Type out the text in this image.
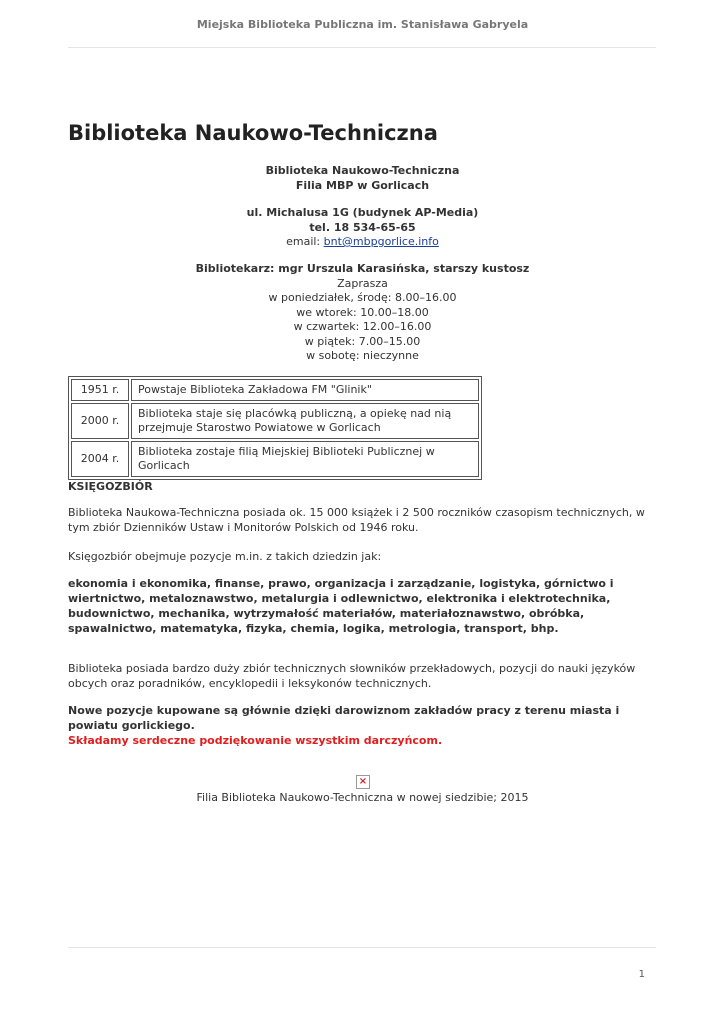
Miejska Biblioteka Publiczna im. Stanisława Gabryela
Biblioteka Naukowo-Techniczna
Biblioteka Naukowo-Techniczna
Filia MBP w Gorlicach
ul. Michalusa 1G (budynek AP-Media)
tel. 18 534-65-65
email: bnt@mbpgorlice.info
Bibliotekarz: mgr Urszula Karasińska, starszy kustosz
Zaprasza
w poniedziałek, środę: 8.00–16.00
we wtorek: 10.00–18.00
w czwartek: 12.00–16.00
w piątek: 7.00–15.00
w sobotę: nieczynne
1951 r.	Powstaje Biblioteka Zakładowa FM "Glinik"
2000 r.	Biblioteka staje się placówką publiczną, a opiekę nad nią przejmuje Starostwo Powiatowe w Gorlicach
2004 r.	Biblioteka zostaje filią Miejskiej Biblioteki Publicznej w Gorlicach
KSIĘGOZBIÓR
Biblioteka Naukowa-Techniczna posiada ok. 15 000 książek i 2 500 roczników czasopism technicznych, w tym zbiór Dzienników Ustaw i Monitorów Polskich od 1946 roku.
Księgozbiór obejmuje pozycje m.in. z takich dziedzin jak:
ekonomia i ekonomika, finanse, prawo, organizacja i zarządzanie, logistyka, górnictwo i wiertnictwo, metaloznawstwo, metalurgia i odlewnictwo, elektronika i elektrotechnika, budownictwo, mechanika, wytrzymałość materiałów, materiałoznawstwo, obróbka, spawalnictwo, matematyka, fizyka, chemia, logika, metrologia, transport, bhp.
Biblioteka posiada bardzo duży zbiór technicznych słowników przekładowych, pozycji do nauki języków obcych oraz poradników, encyklopedii i leksykonów technicznych.
Nowe pozycje kupowane są głównie dzięki darowiznom zakładów pracy z terenu miasta i powiatu gorlickiego.
Składamy serdeczne podziękowanie wszystkim darczyńcom.
×
Filia Biblioteka Naukowo-Techniczna w nowej siedzibie; 2015
1
